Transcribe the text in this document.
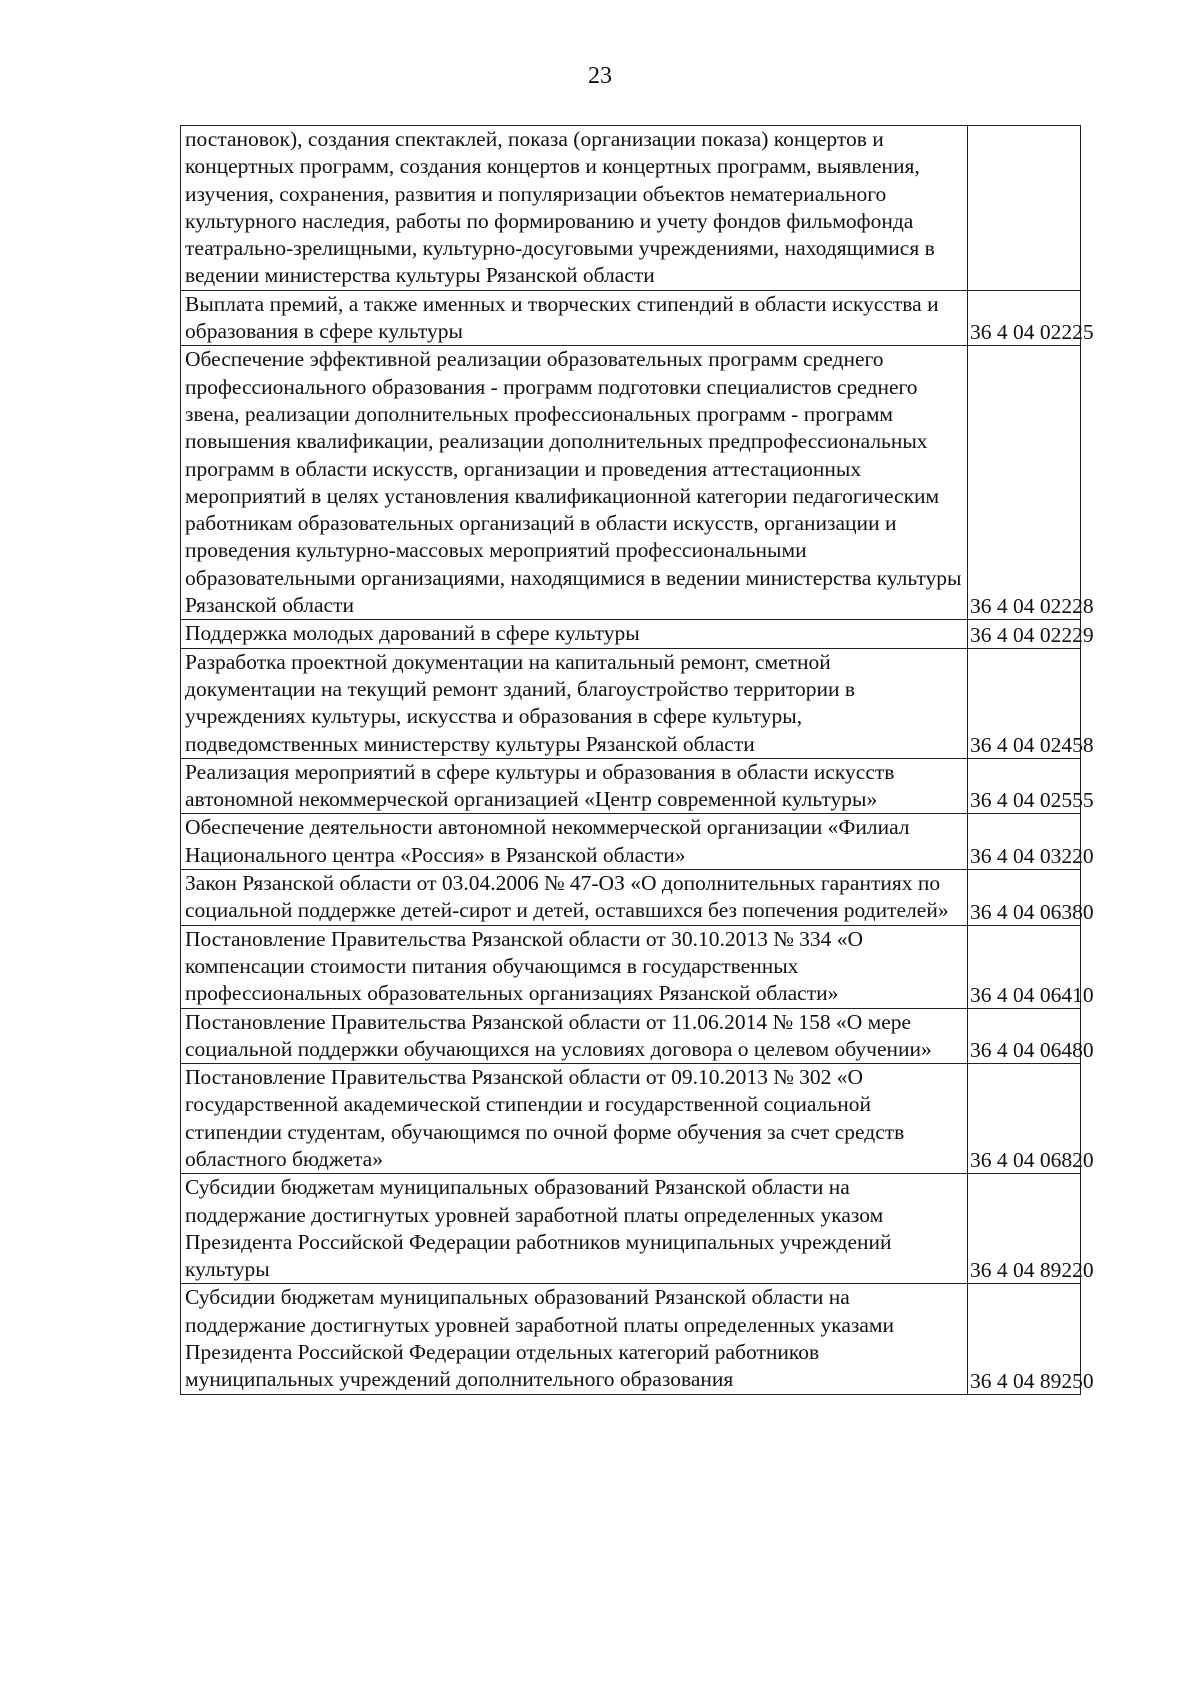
23
постановок), создания спектаклей, показа (организации показа) концертов и концертных программ, создания концертов и концертных программ, выявления, изучения, сохранения, развития и популяризации объектов нематериального культурного наследия, работы по формированию и учету фондов фильмофонда театрально-зрелищными, культурно-досуговыми учреждениями, находящимися в ведении министерства культуры Рязанской области	
Выплата премий, а также именных и творческих стипендий в области искусства и образования в сфере культуры	36 4 04 02225
Обеспечение эффективной реализации образовательных программ среднего профессионального образования - программ подготовки специалистов среднего звена, реализации дополнительных профессиональных программ - программ повышения квалификации, реализации дополнительных предпрофессиональных программ в области искусств, организации и проведения аттестационных мероприятий в целях установления квалификационной категории педагогическим работникам образовательных организаций в области искусств, организации и проведения культурно-массовых мероприятий профессиональными образовательными организациями, находящимися в ведении министерства культуры Рязанской области	36 4 04 02228
Поддержка молодых дарований в сфере культуры	36 4 04 02229
Разработка проектной документации на капитальный ремонт, сметной документации на текущий ремонт зданий, благоустройство территории в учреждениях культуры, искусства и образования в сфере культуры, подведомственных министерству культуры Рязанской области	36 4 04 02458
Реализация мероприятий в сфере культуры и образования в области искусств автономной некоммерческой организацией «Центр современной культуры»	36 4 04 02555
Обеспечение деятельности автономной некоммерческой организации «Филиал Национального центра «Россия» в Рязанской области»	36 4 04 03220
Закон Рязанской области от 03.04.2006 № 47-ОЗ «О дополнительных гарантиях по социальной поддержке детей-сирот и детей, оставшихся без попечения родителей»	36 4 04 06380
Постановление Правительства Рязанской области от 30.10.2013 № 334 «О компенсации стоимости питания обучающимся в государственных профессиональных образовательных организациях Рязанской области»	36 4 04 06410
Постановление Правительства Рязанской области от 11.06.2014 № 158 «О мере социальной поддержки обучающихся на условиях договора о целевом обучении»	36 4 04 06480
Постановление Правительства Рязанской области от 09.10.2013 № 302 «О государственной академической стипендии и государственной социальной стипендии студентам, обучающимся по очной форме обучения за счет средств областного бюджета»	36 4 04 06820
Субсидии бюджетам муниципальных образований Рязанской области на поддержание достигнутых уровней заработной платы определенных указом Президента Российской Федерации работников муниципальных учреждений культуры	36 4 04 89220
Субсидии бюджетам муниципальных образований Рязанской области на поддержание достигнутых уровней заработной платы определенных указами Президента Российской Федерации отдельных категорий работников муниципальных учреждений дополнительного образования	36 4 04 89250
